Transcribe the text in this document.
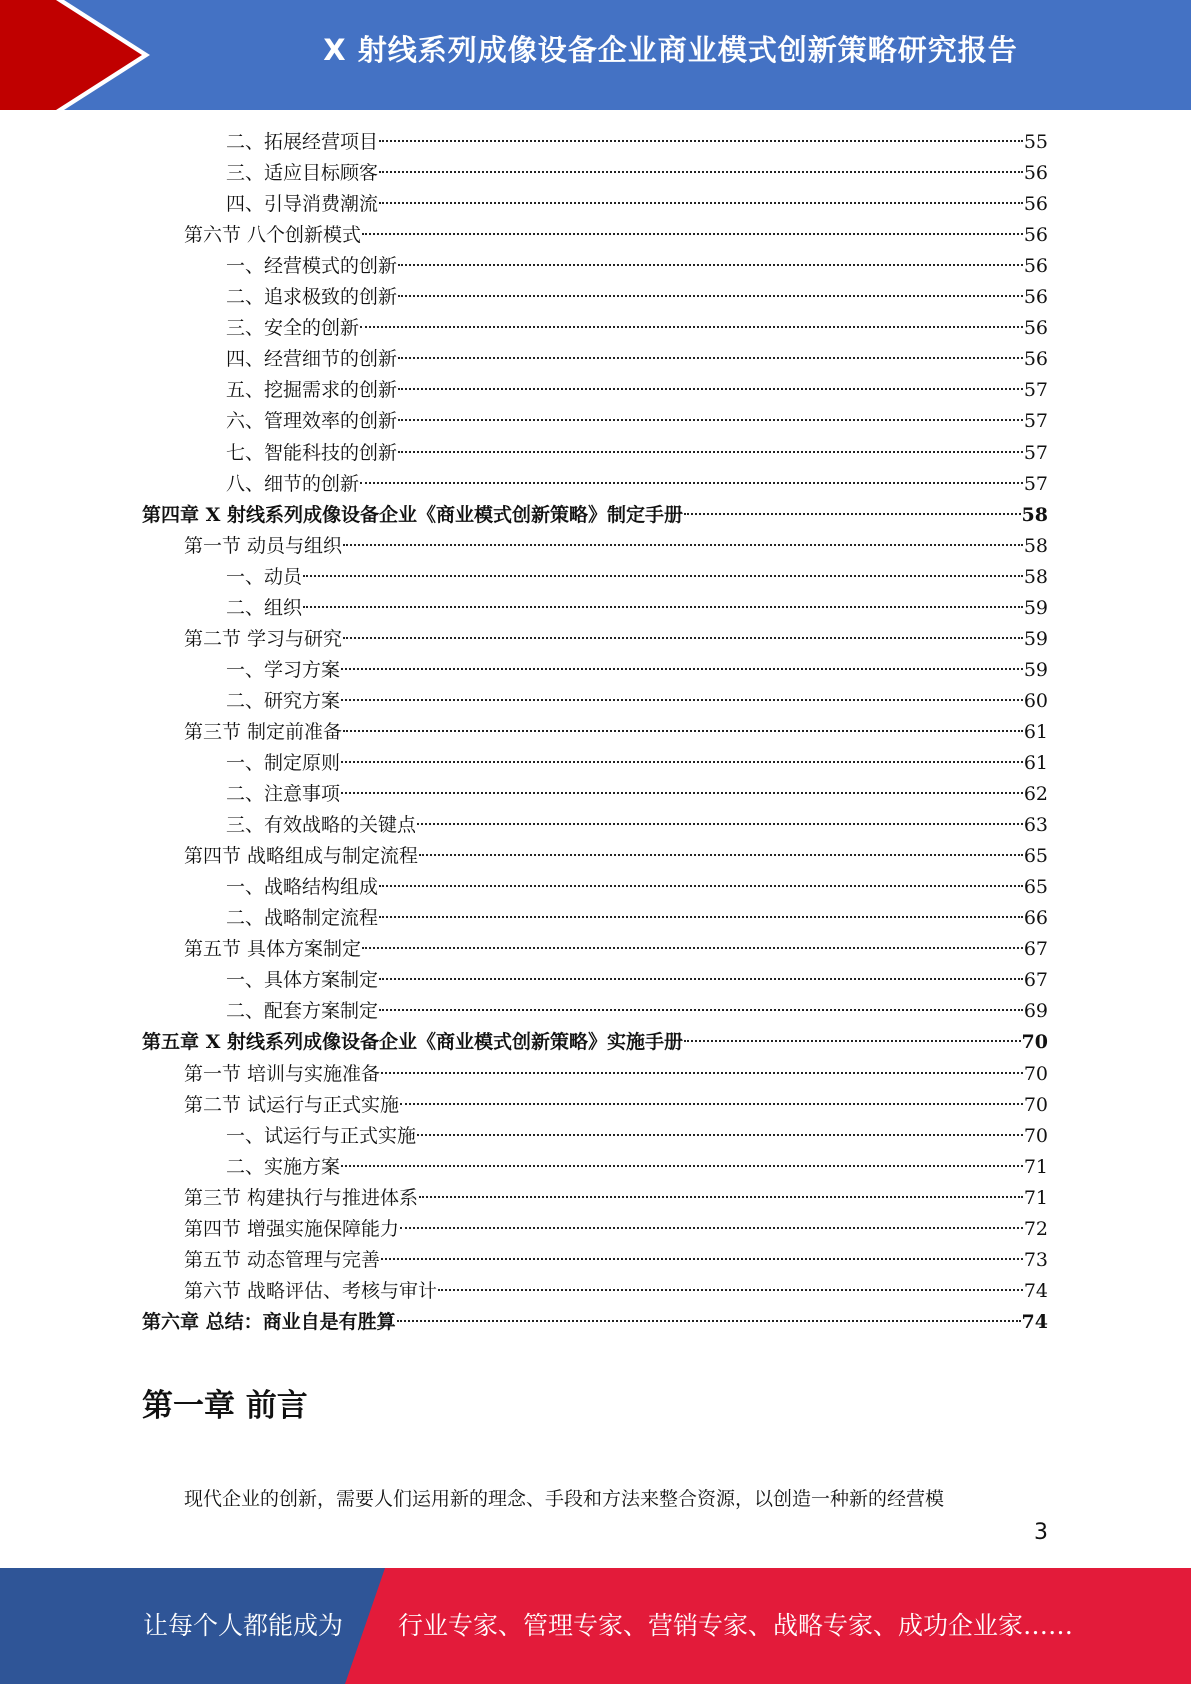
X 射线系列成像设备企业商业模式创新策略研究报告
二、拓展经营项目	55
三、适应目标顾客	56
四、引导消费潮流	56
第六节 八个创新模式	56
一、经营模式的创新	56
二、追求极致的创新	56
三、安全的创新	56
四、经营细节的创新	56
五、挖掘需求的创新	57
六、管理效率的创新	57
七、智能科技的创新	57
八、细节的创新	57
第四章 X 射线系列成像设备企业《商业模式创新策略》制定手册	58
第一节 动员与组织	58
一、动员	58
二、组织	59
第二节 学习与研究	59
一、学习方案	59
二、研究方案	60
第三节 制定前准备	61
一、制定原则	61
二、注意事项	62
三、有效战略的关键点	63
第四节 战略组成与制定流程	65
一、战略结构组成	65
二、战略制定流程	66
第五节 具体方案制定	67
一、具体方案制定	67
二、配套方案制定	69
第五章 X 射线系列成像设备企业《商业模式创新策略》实施手册	70
第一节 培训与实施准备	70
第二节 试运行与正式实施	70
一、试运行与正式实施	70
二、实施方案	71
第三节 构建执行与推进体系	71
第四节 增强实施保障能力	72
第五节 动态管理与完善	73
第六节 战略评估、考核与审计	74
第六章 总结：商业自是有胜算	74
第一章 前言

现代企业的创新，需要人们运用新的理念、手段和方法来整合资源，以创造一种新的经营模

3
让每个人都能成为 行业专家、管理专家、营销专家、战略专家、成功企业家……
